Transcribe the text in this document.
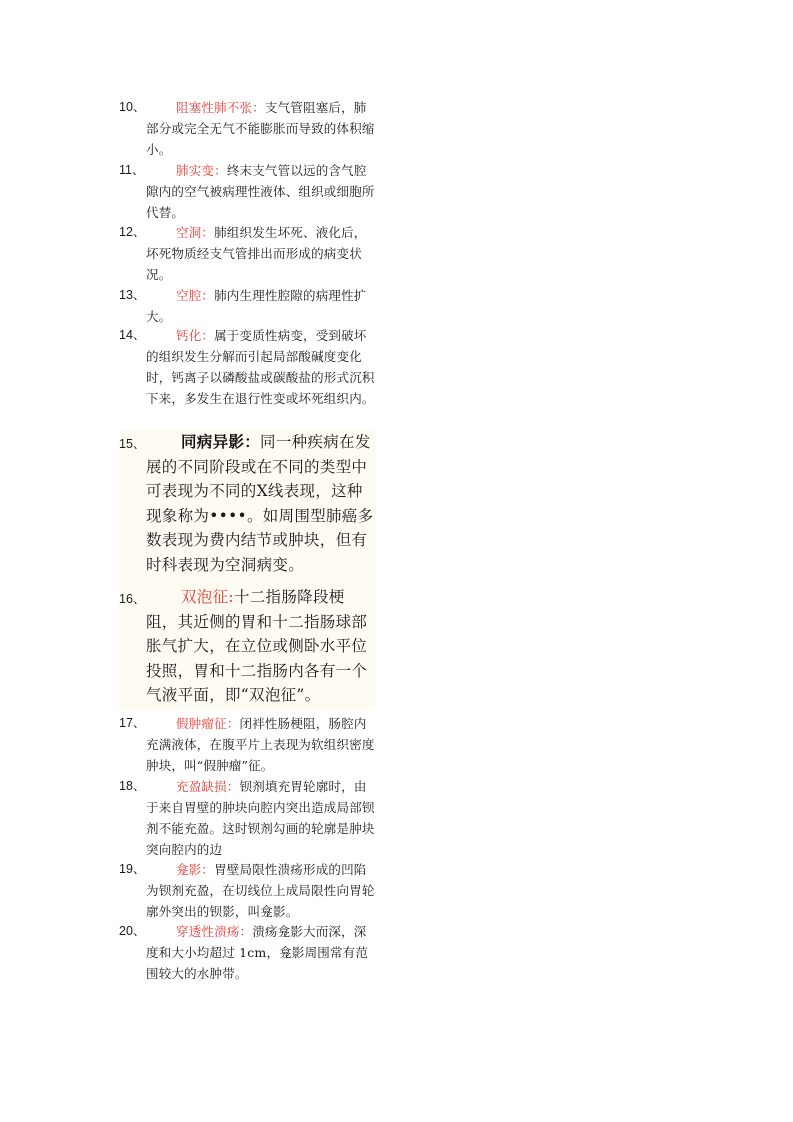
10、	阻塞性肺不张：支气管阻塞后，肺部分或完全无气不能膨胀而导致的体积缩小。
11、	肺实变：终末支气管以远的含气腔隙内的空气被病理性液体、组织或细胞所代替。
12、	空洞：肺组织发生坏死、液化后，坏死物质经支气管排出而形成的病变状况。
13、	空腔：肺内生理性腔隙的病理性扩大。
14、	钙化：属于变质性病变，受到破坏的组织发生分解而引起局部酸碱度变化时，钙离子以磷酸盐或碳酸盐的形式沉积下来，多发生在退行性变或坏死组织内。
15、	同病异影：同一种疾病在发展的不同阶段或在不同的类型中可表现为不同的X线表现，这种现象称为••••。如周围型肺癌多数表现为费内结节或肿块，但有时科表现为空洞病变。
16、	双泡征:十二指肠降段梗阻，其近侧的胃和十二指肠球部胀气扩大，在立位或侧卧水平位投照，胃和十二指肠内各有一个气液平面，即“双泡征”。
17、	假肿瘤征：闭袢性肠梗阻，肠腔内充满液体，在腹平片上表现为软组织密度肿块，叫“假肿瘤”征。
18、	充盈缺损：钡剂填充胃轮廓时，由于来自胃壁的肿块向腔内突出造成局部钡剂不能充盈。这时钡剂勾画的轮廓是肿块突向腔内的边
19、	龛影：胃壁局限性溃疡形成的凹陷为钡剂充盈，在切线位上成局限性向胃轮廓外突出的钡影，叫龛影。
20、	穿透性溃疡：溃疡龛影大而深，深度和大小均超过 1cm，龛影周围常有范围较大的水肿带。
